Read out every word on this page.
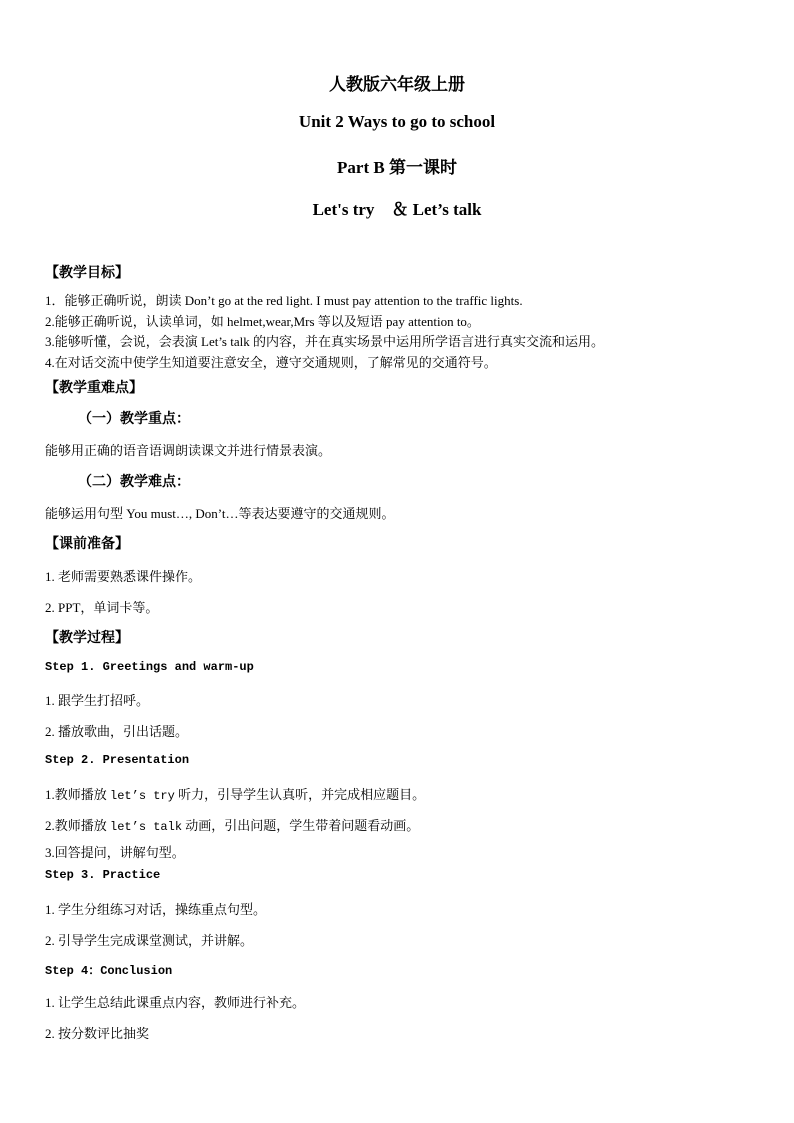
人教版六年级上册
Unit 2 Ways to go to school
Part B 第一课时
Let's try　＆ Let’s talk
【教学目标】
1．能够正确听说，朗读 Don’t go at the red light. I must pay attention to the traffic lights.
2.能够正确听说，认读单词，如 helmet,wear,Mrs 等以及短语 pay attention to。
3.能够听懂，会说，会表演 Let’s talk 的内容，并在真实场景中运用所学语言进行真实交流和运用。
4.在对话交流中使学生知道要注意安全，遵守交通规则，了解常见的交通符号。
【教学重难点】
（一）教学重点：
能够用正确的语音语调朗读课文并进行情景表演。
（二）教学难点：
能够运用句型 You must…, Don’t…等表达要遵守的交通规则。
【课前准备】
1. 老师需要熟悉课件操作。
2. PPT，单词卡等。
【教学过程】
Step 1. Greetings and warm-up
1. 跟学生打招呼。
2. 播放歌曲，引出话题。
Step 2. Presentation
1.教师播放 let’s try 听力，引导学生认真听，并完成相应题目。
2.教师播放 let’s talk 动画，引出问题，学生带着问题看动画。
3.回答提问，讲解句型。
Step 3. Practice
1. 学生分组练习对话，操练重点句型。
2. 引导学生完成课堂测试，并讲解。
Step 4：Conclusion
1. 让学生总结此课重点内容，教师进行补充。
2. 按分数评比抽奖
